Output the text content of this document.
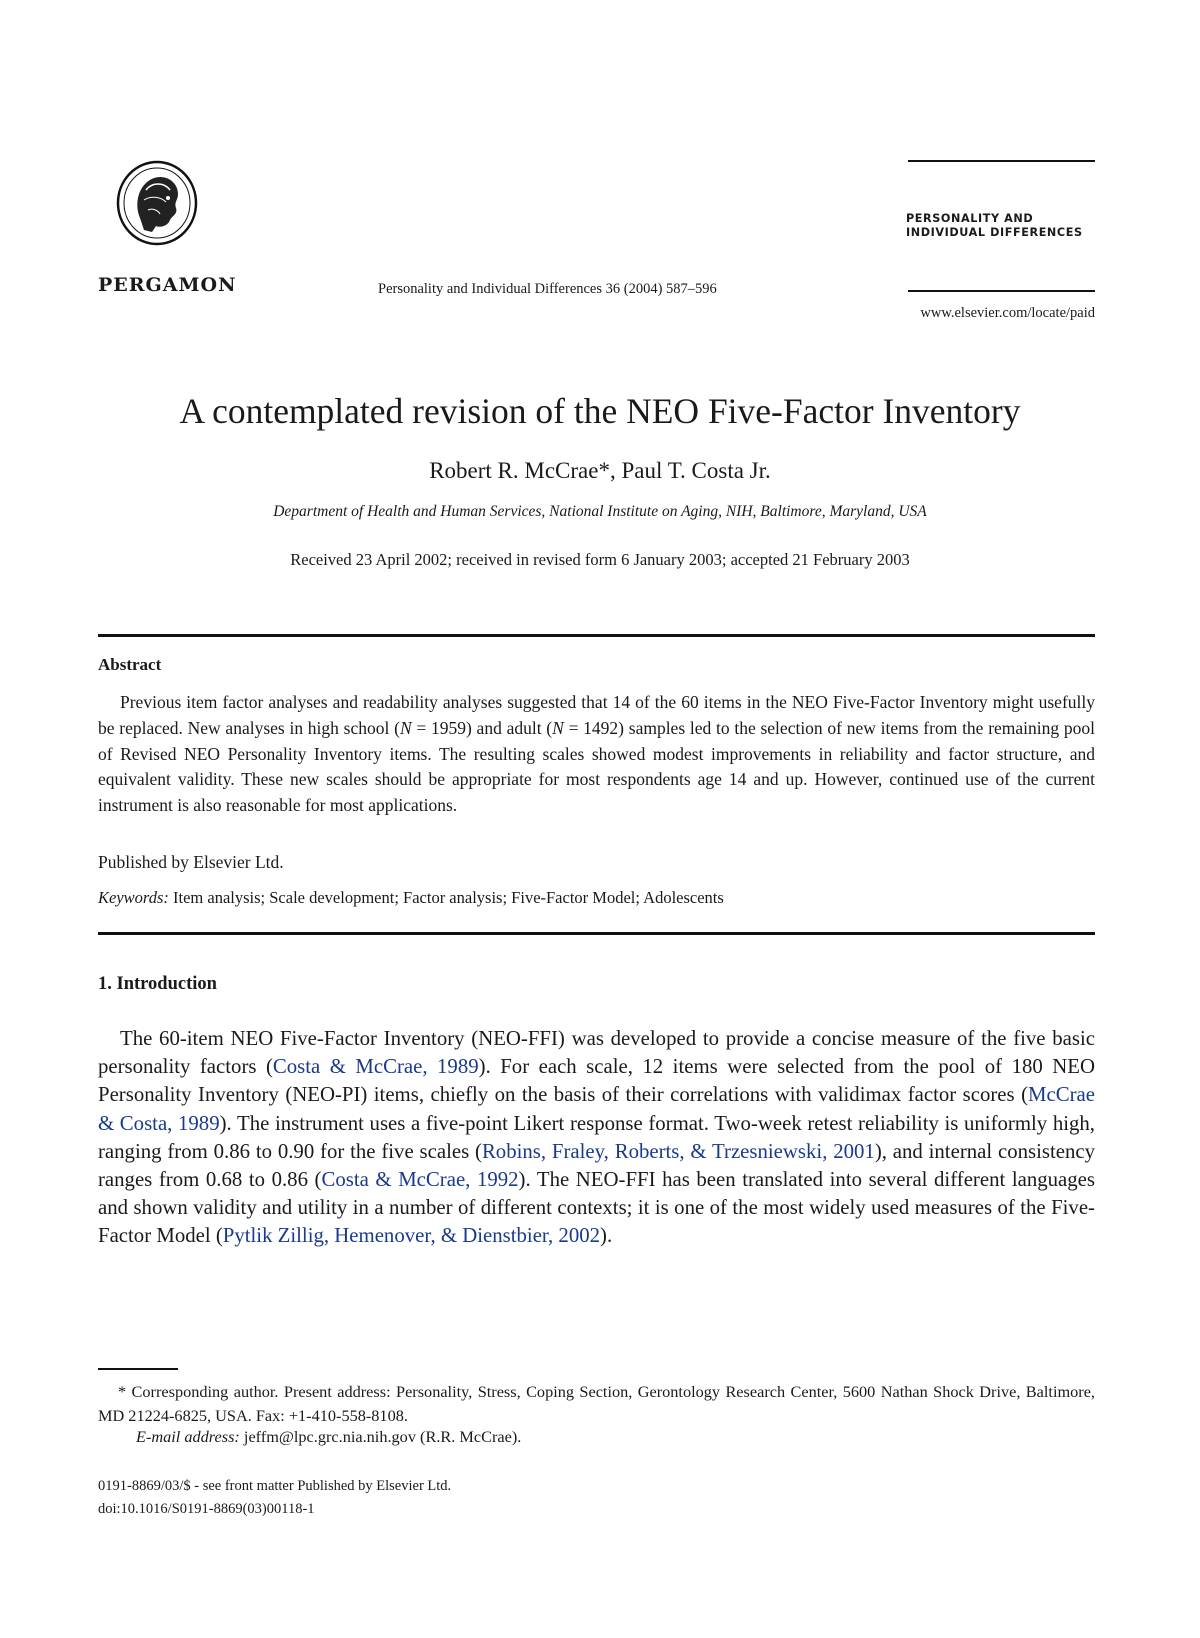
PERGAMON	Personality and Individual Differences 36 (2004) 587–596
PERSONALITY AND
INDIVIDUAL DIFFERENCES
www.elsevier.com/locate/paid
A contemplated revision of the NEO Five-Factor Inventory
Robert R. McCrae*, Paul T. Costa Jr.
Department of Health and Human Services, National Institute on Aging, NIH, Baltimore, Maryland, USA
Received 23 April 2002; received in revised form 6 January 2003; accepted 21 February 2003
Abstract

Previous item factor analyses and readability analyses suggested that 14 of the 60 items in the NEO Five-Factor Inventory might usefully be replaced. New analyses in high school (N = 1959) and adult (N = 1492) samples led to the selection of new items from the remaining pool of Revised NEO Personality Inventory items. The resulting scales showed modest improvements in reliability and factor structure, and equivalent validity. These new scales should be appropriate for most respondents age 14 and up. However, continued use of the current instrument is also reasonable for most applications.

Published by Elsevier Ltd.
Keywords: Item analysis; Scale development; Factor analysis; Five-Factor Model; Adolescents
1. Introduction

The 60-item NEO Five-Factor Inventory (NEO-FFI) was developed to provide a concise measure of the five basic personality factors (Costa & McCrae, 1989). For each scale, 12 items were selected from the pool of 180 NEO Personality Inventory (NEO-PI) items, chiefly on the basis of their correlations with validimax factor scores (McCrae & Costa, 1989). The instrument uses a five-point Likert response format. Two-week retest reliability is uniformly high, ranging from 0.86 to 0.90 for the five scales (Robins, Fraley, Roberts, & Trzesniewski, 2001), and internal consistency ranges from 0.68 to 0.86 (Costa & McCrae, 1992). The NEO-FFI has been translated into several different languages and shown validity and utility in a number of different contexts; it is one of the most widely used measures of the Five-Factor Model (Pytlik Zillig, Hemenover, & Dienstbier, 2002).

* Corresponding author. Present address: Personality, Stress, Coping Section, Gerontology Research Center, 5600 Nathan Shock Drive, Baltimore, MD 21224-6825, USA. Fax: +1-410-558-8108.

E-mail address: jeffm@lpc.grc.nia.nih.gov (R.R. McCrae).
0191-8869/03/$ - see front matter Published by Elsevier Ltd.
doi:10.1016/S0191-8869(03)00118-1
